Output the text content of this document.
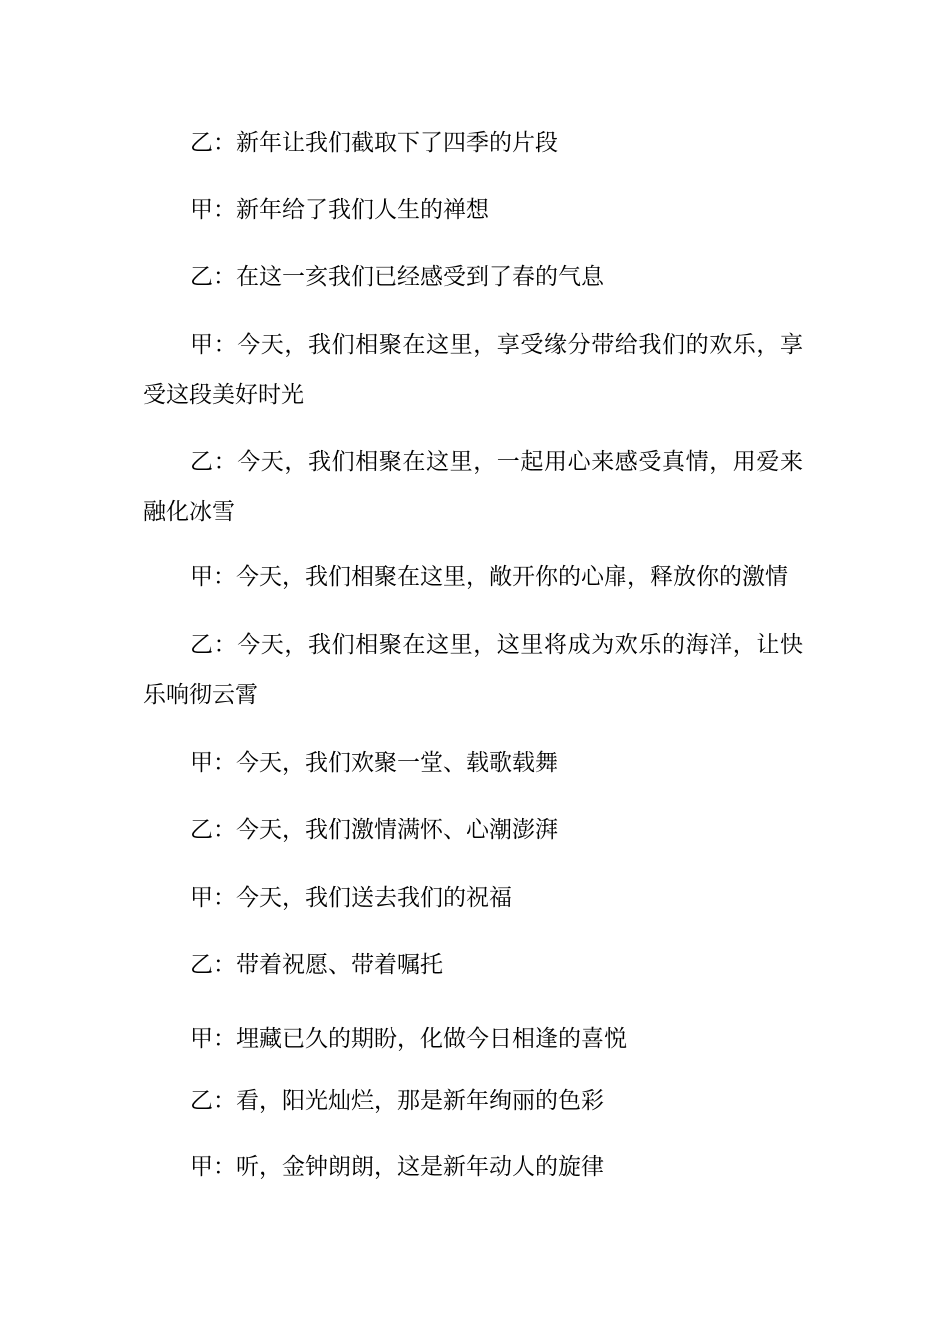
乙：新年让我们截取下了四季的片段

甲：新年给了我们人生的禅想

乙：在这一亥我们已经感受到了春的气息

甲：今天，我们相聚在这里，享受缘分带给我们的欢乐，享受这段美好时光

乙：今天，我们相聚在这里，一起用心来感受真情，用爱来融化冰雪

甲：今天，我们相聚在这里，敞开你的心扉，释放你的激情

乙：今天，我们相聚在这里，这里将成为欢乐的海洋，让快乐响彻云霄

甲：今天，我们欢聚一堂、载歌载舞

乙：今天，我们激情满怀、心潮澎湃

甲：今天，我们送去我们的祝福

乙：带着祝愿、带着嘱托

甲：埋藏已久的期盼，化做今日相逢的喜悦

乙：看，阳光灿烂，那是新年绚丽的色彩

甲：听，金钟朗朗，这是新年动人的旋律
